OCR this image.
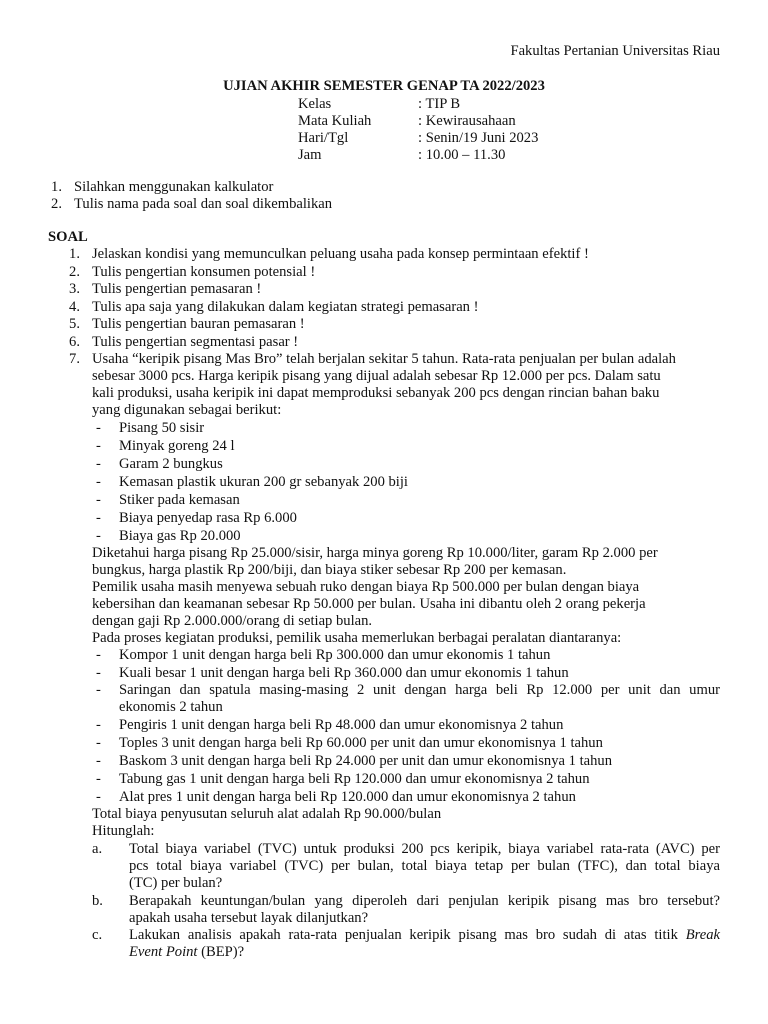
Fakultas Pertanian Universitas Riau
UJIAN AKHIR SEMESTER GENAP TA 2022/2023
Kelas	: TIP B
Mata Kuliah	: Kewirausahaan
Hari/Tgl	: Senin/19 Juni 2023
Jam	: 10.00 – 11.30
1. Silahkan menggunakan kalkulator
2. Tulis nama pada soal dan soal dikembalikan
SOAL
1. Jelaskan kondisi yang memunculkan peluang usaha pada konsep permintaan efektif !
2. Tulis pengertian konsumen potensial !
3. Tulis pengertian pemasaran !
4. Tulis apa saja yang dilakukan dalam kegiatan strategi pemasaran !
5. Tulis pengertian bauran pemasaran !
6. Tulis pengertian segmentasi pasar !
7. Usaha “keripik pisang Mas Bro” telah berjalan sekitar 5 tahun. Rata-rata penjualan per bulan adalah
sebesar 3000 pcs. Harga keripik pisang yang dijual adalah sebesar Rp 12.000 per pcs. Dalam satu
kali produksi, usaha keripik ini dapat memproduksi sebanyak 200 pcs dengan rincian bahan baku
yang digunakan sebagai berikut:
- Pisang 50 sisir
- Minyak goreng 24 l
- Garam 2 bungkus
- Kemasan plastik ukuran 200 gr sebanyak 200 biji
- Stiker pada kemasan
- Biaya penyedap rasa Rp 6.000
- Biaya gas Rp 20.000
Diketahui harga pisang Rp 25.000/sisir, harga minya goreng Rp 10.000/liter, garam Rp 2.000 per
bungkus, harga plastik Rp 200/biji, dan biaya stiker sebesar Rp 200 per kemasan.
Pemilik usaha masih menyewa sebuah ruko dengan biaya Rp 500.000 per bulan dengan biaya
kebersihan dan keamanan sebesar Rp 50.000 per bulan. Usaha ini dibantu oleh 2 orang pekerja
dengan gaji Rp 2.000.000/orang di setiap bulan.
Pada proses kegiatan produksi, pemilik usaha memerlukan berbagai peralatan diantaranya:
- Kompor 1 unit dengan harga beli Rp 300.000 dan umur ekonomis 1 tahun
- Kuali besar 1 unit dengan harga beli Rp 360.000 dan umur ekonomis 1 tahun
- Saringan dan spatula masing-masing 2 unit dengan harga beli Rp 12.000 per unit dan umur
ekonomis 2 tahun
- Pengiris 1 unit dengan harga beli Rp 48.000 dan umur ekonomisnya 2 tahun
- Toples 3 unit dengan harga beli Rp 60.000 per unit dan umur ekonomisnya 1 tahun
- Baskom 3 unit dengan harga beli Rp 24.000 per unit dan umur ekonomisnya 1 tahun
- Tabung gas 1 unit dengan harga beli Rp 120.000 dan umur ekonomisnya 2 tahun
- Alat pres 1 unit dengan harga beli Rp 120.000 dan umur ekonomisnya 2 tahun
Total biaya penyusutan seluruh alat adalah Rp 90.000/bulan
Hitunglah:
a. Total biaya variabel (TVC) untuk produksi 200 pcs keripik, biaya variabel rata-rata (AVC) per
pcs total biaya variabel (TVC) per bulan, total biaya tetap per bulan (TFC), dan total biaya
(TC) per bulan?
b. Berapakah keuntungan/bulan yang diperoleh dari penjulan keripik pisang mas bro tersebut?
apakah usaha tersebut layak dilanjutkan?
c. Lakukan analisis apakah rata-rata penjualan keripik pisang mas bro sudah di atas titik Break
Event Point (BEP)?
